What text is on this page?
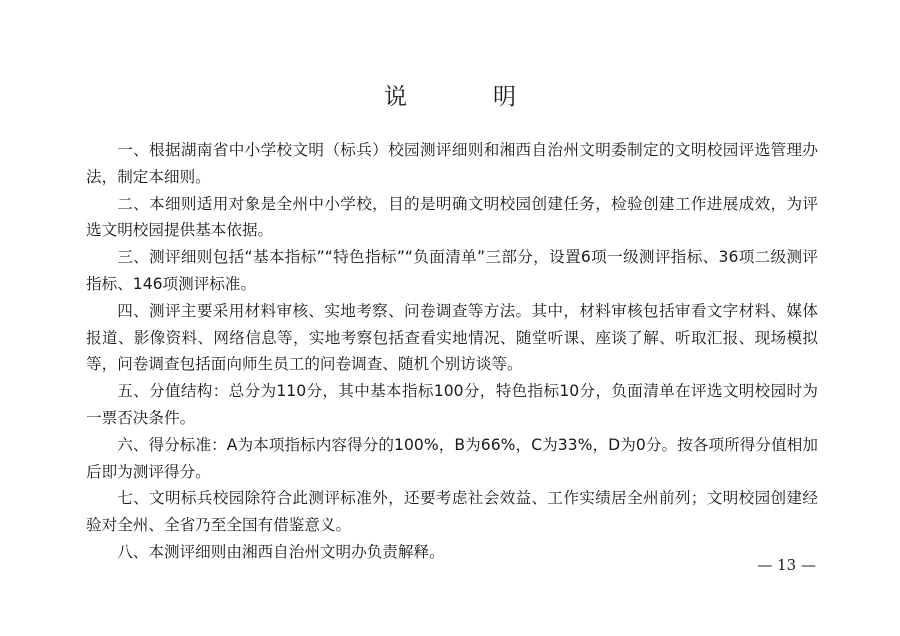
说明

一、根据湖南省中小学校文明（标兵）校园测评细则和湘西自治州文明委制定的文明校园评选管理办法，制定本细则。

二、本细则适用对象是全州中小学校，目的是明确文明校园创建任务，检验创建工作进展成效，为评选文明校园提供基本依据。

三、测评细则包括“基本指标”“特色指标”“负面清单”三部分，设置6项一级测评指标、36项二级测评指标、146项测评标准。

四、测评主要采用材料审核、实地考察、问卷调查等方法。其中，材料审核包括审看文字材料、媒体报道、影像资料、网络信息等，实地考察包括查看实地情况、随堂听课、座谈了解、听取汇报、现场模拟等，问卷调查包括面向师生员工的问卷调查、随机个别访谈等。

五、分值结构：总分为110分，其中基本指标100分，特色指标10分，负面清单在评选文明校园时为一票否决条件。

六、得分标准：A为本项指标内容得分的100%，B为66%，C为33%，D为0分。按各项所得分值相加后即为测评得分。

七、文明标兵校园除符合此测评标准外，还要考虑社会效益、工作实绩居全州前列；文明校园创建经验对全州、全省乃至全国有借鉴意义。

八、本测评细则由湘西自治州文明办负责解释。

— 13 —
